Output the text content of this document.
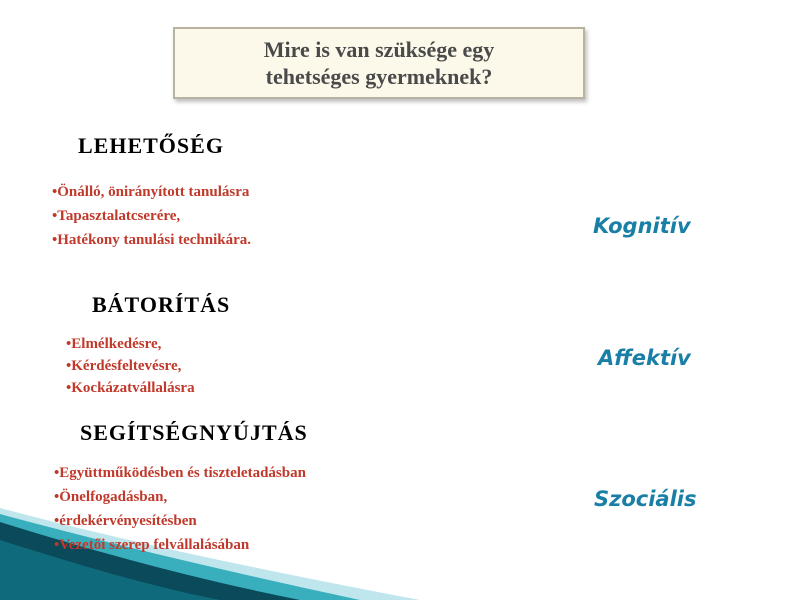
Mire is van szüksége egy
tehetséges gyermeknek?
LEHETŐSÉG
• Önálló, önirányított tanulásra
• Tapasztalatcserére,
• Hatékony tanulási technikára.
Kognitív
BÁTORÍTÁS
• Elmélkedésre,
• Kérdésfeltevésre,
• Kockázatvállalásra
Affektív
SEGÍTSÉGNYÚJTÁS
• Együttműködésben és tiszteletadásban
• Önelfogadásban,
• érdekérvényesítésben
• Vezetői szerep felvállalásában
Szociális
